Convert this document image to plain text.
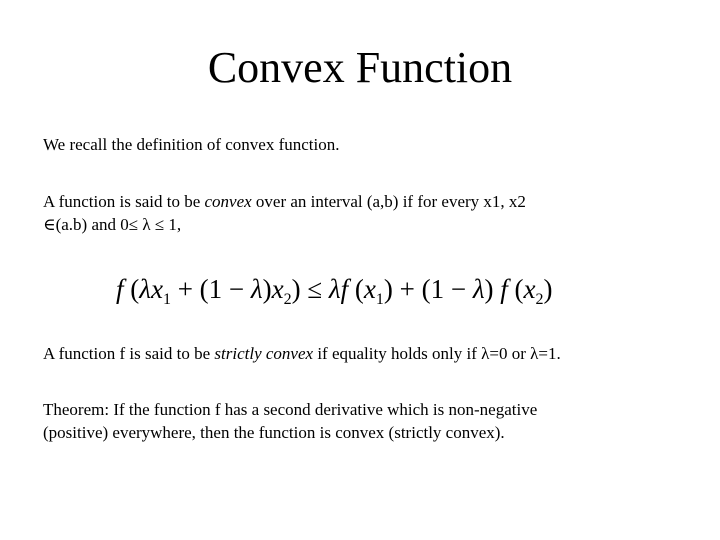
Convex Function

We recall the definition of convex function.

A function is said to be convex over an interval (a,b) if for every x1, x2
∈(a.b) and 0≤ λ ≤ 1,

f $(\lambda x_1 + (1 - \lambda)x_2) \le \lambda f$ $(x_1) + (1 - \lambda)$ f $(x_2)$

A function f is said to be strictly convex if equality holds only if λ=0 or λ=1.

Theorem: If the function f has a second derivative which is non-negative
(positive) everywhere, then the function is convex (strictly convex).
